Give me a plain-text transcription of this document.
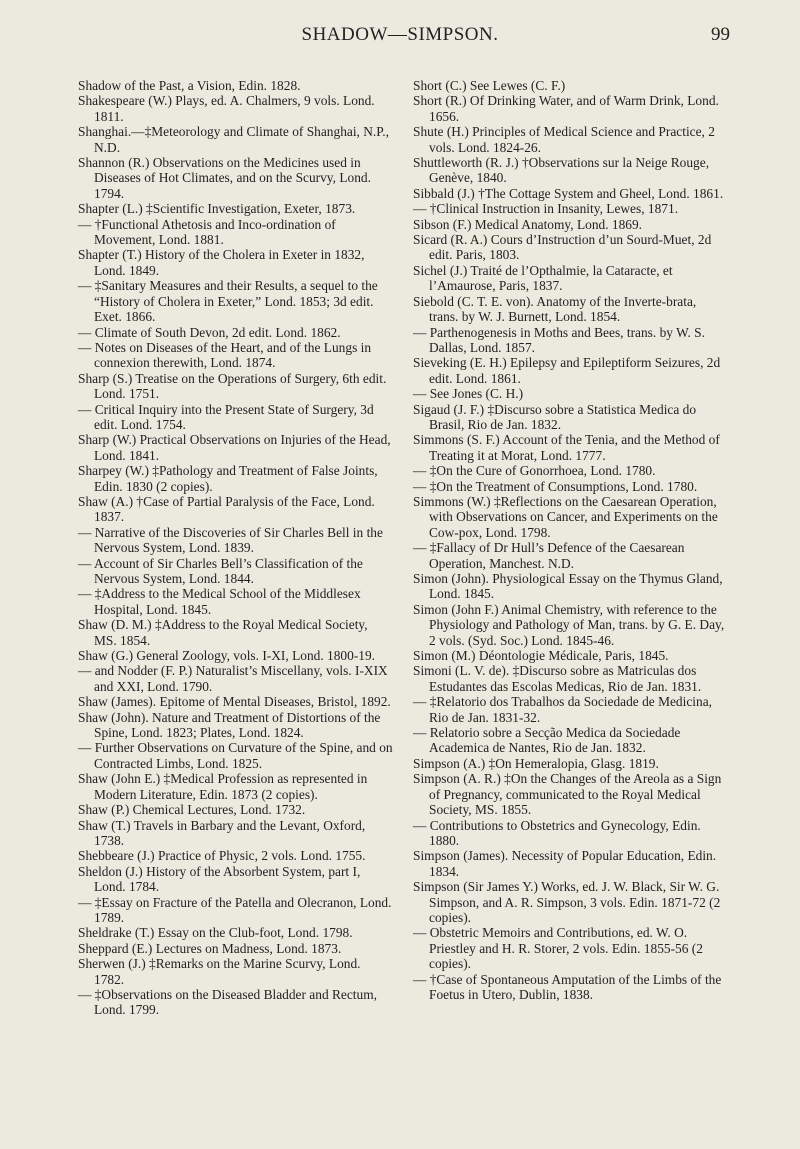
SHADOW—SIMPSON.	99

Shadow of the Past, a Vision, Edin. 1828.

Shakespeare (W.) Plays, ed. A. Chalmers, 9 vols. Lond. 1811.

Shanghai.—‡Meteorology and Climate of Shanghai, N.P., N.D.

Shannon (R.) Observations on the Medicines used in Diseases of Hot Climates, and on the Scurvy, Lond. 1794.

Shapter (L.) ‡Scientific Investigation, Exeter, 1873.

— †Functional Athetosis and Inco-ordination of Movement, Lond. 1881.

Shapter (T.) History of the Cholera in Exeter in 1832, Lond. 1849.

— ‡Sanitary Measures and their Results, a sequel to the “History of Cholera in Exeter,” Lond. 1853; 3d edit. Exet. 1866.

— Climate of South Devon, 2d edit. Lond. 1862.

— Notes on Diseases of the Heart, and of the Lungs in connexion therewith, Lond. 1874.

Sharp (S.) Treatise on the Operations of Surgery, 6th edit. Lond. 1751.

— Critical Inquiry into the Present State of Surgery, 3d edit. Lond. 1754.

Sharp (W.) Practical Observations on Injuries of the Head, Lond. 1841.

Sharpey (W.) ‡Pathology and Treatment of False Joints, Edin. 1830 (2 copies).

Shaw (A.) †Case of Partial Paralysis of the Face, Lond. 1837.

— Narrative of the Discoveries of Sir Charles Bell in the Nervous System, Lond. 1839.

— Account of Sir Charles Bell’s Classification of the Nervous System, Lond. 1844.

— ‡Address to the Medical School of the Middlesex Hospital, Lond. 1845.

Shaw (D. M.) ‡Address to the Royal Medical Society, MS. 1854.

Shaw (G.) General Zoology, vols. I-XI, Lond. 1800-19.

— and Nodder (F. P.) Naturalist’s Miscellany, vols. I-XIX and XXI, Lond. 1790.

Shaw (James). Epitome of Mental Diseases, Bristol, 1892.

Shaw (John). Nature and Treatment of Distortions of the Spine, Lond. 1823; Plates, Lond. 1824.

— Further Observations on Curvature of the Spine, and on Contracted Limbs, Lond. 1825.

Shaw (John E.) ‡Medical Profession as represented in Modern Literature, Edin. 1873 (2 copies).

Shaw (P.) Chemical Lectures, Lond. 1732.

Shaw (T.) Travels in Barbary and the Levant, Oxford, 1738.

Shebbeare (J.) Practice of Physic, 2 vols. Lond. 1755.

Sheldon (J.) History of the Absorbent System, part I, Lond. 1784.

— ‡Essay on Fracture of the Patella and Olecranon, Lond. 1789.

Sheldrake (T.) Essay on the Club-foot, Lond. 1798.

Sheppard (E.) Lectures on Madness, Lond. 1873.

Sherwen (J.) ‡Remarks on the Marine Scurvy, Lond. 1782.

— ‡Observations on the Diseased Bladder and Rectum, Lond. 1799.

Short (C.) See Lewes (C. F.)

Short (R.) Of Drinking Water, and of Warm Drink, Lond. 1656.

Shute (H.) Principles of Medical Science and Practice, 2 vols. Lond. 1824-26.

Shuttleworth (R. J.) †Observations sur la Neige Rouge, Genève, 1840.

Sibbald (J.) †The Cottage System and Gheel, Lond. 1861.

— †Clinical Instruction in Insanity, Lewes, 1871.

Sibson (F.) Medical Anatomy, Lond. 1869.

Sicard (R. A.) Cours d’Instruction d’un Sourd-Muet, 2d edit. Paris, 1803.

Sichel (J.) Traité de l’Opthalmie, la Cataracte, et l’Amaurose, Paris, 1837.

Siebold (C. T. E. von). Anatomy of the Inverte-brata, trans. by W. J. Burnett, Lond. 1854.

— Parthenogenesis in Moths and Bees, trans. by W. S. Dallas, Lond. 1857.

Sieveking (E. H.) Epilepsy and Epileptiform Seizures, 2d edit. Lond. 1861.

— See Jones (C. H.)

Sigaud (J. F.) ‡Discurso sobre a Statistica Medica do Brasil, Rio de Jan. 1832.

Simmons (S. F.) Account of the Tenia, and the Method of Treating it at Morat, Lond. 1777.

— ‡On the Cure of Gonorrhoea, Lond. 1780.

— ‡On the Treatment of Consumptions, Lond. 1780.

Simmons (W.) ‡Reflections on the Caesarean Operation, with Observations on Cancer, and Experiments on the Cow-pox, Lond. 1798.

— ‡Fallacy of Dr Hull’s Defence of the Caesarean Operation, Manchest. N.D.

Simon (John). Physiological Essay on the Thymus Gland, Lond. 1845.

Simon (John F.) Animal Chemistry, with reference to the Physiology and Pathology of Man, trans. by G. E. Day, 2 vols. (Syd. Soc.) Lond. 1845-46.

Simon (M.) Déontologie Médicale, Paris, 1845.

Simoni (L. V. de). ‡Discurso sobre as Matriculas dos Estudantes das Escolas Medicas, Rio de Jan. 1831.

— ‡Relatorio dos Trabalhos da Sociedade de Medicina, Rio de Jan. 1831-32.

— Relatorio sobre a Secção Medica da Sociedade Academica de Nantes, Rio de Jan. 1832.

Simpson (A.) ‡On Hemeralopia, Glasg. 1819.

Simpson (A. R.) ‡On the Changes of the Areola as a Sign of Pregnancy, communicated to the Royal Medical Society, MS. 1855.

— Contributions to Obstetrics and Gynecology, Edin. 1880.

Simpson (James). Necessity of Popular Education, Edin. 1834.

Simpson (Sir James Y.) Works, ed. J. W. Black, Sir W. G. Simpson, and A. R. Simpson, 3 vols. Edin. 1871-72 (2 copies).

— Obstetric Memoirs and Contributions, ed. W. O. Priestley and H. R. Storer, 2 vols. Edin. 1855-56 (2 copies).

— †Case of Spontaneous Amputation of the Limbs of the Foetus in Utero, Dublin, 1838.
